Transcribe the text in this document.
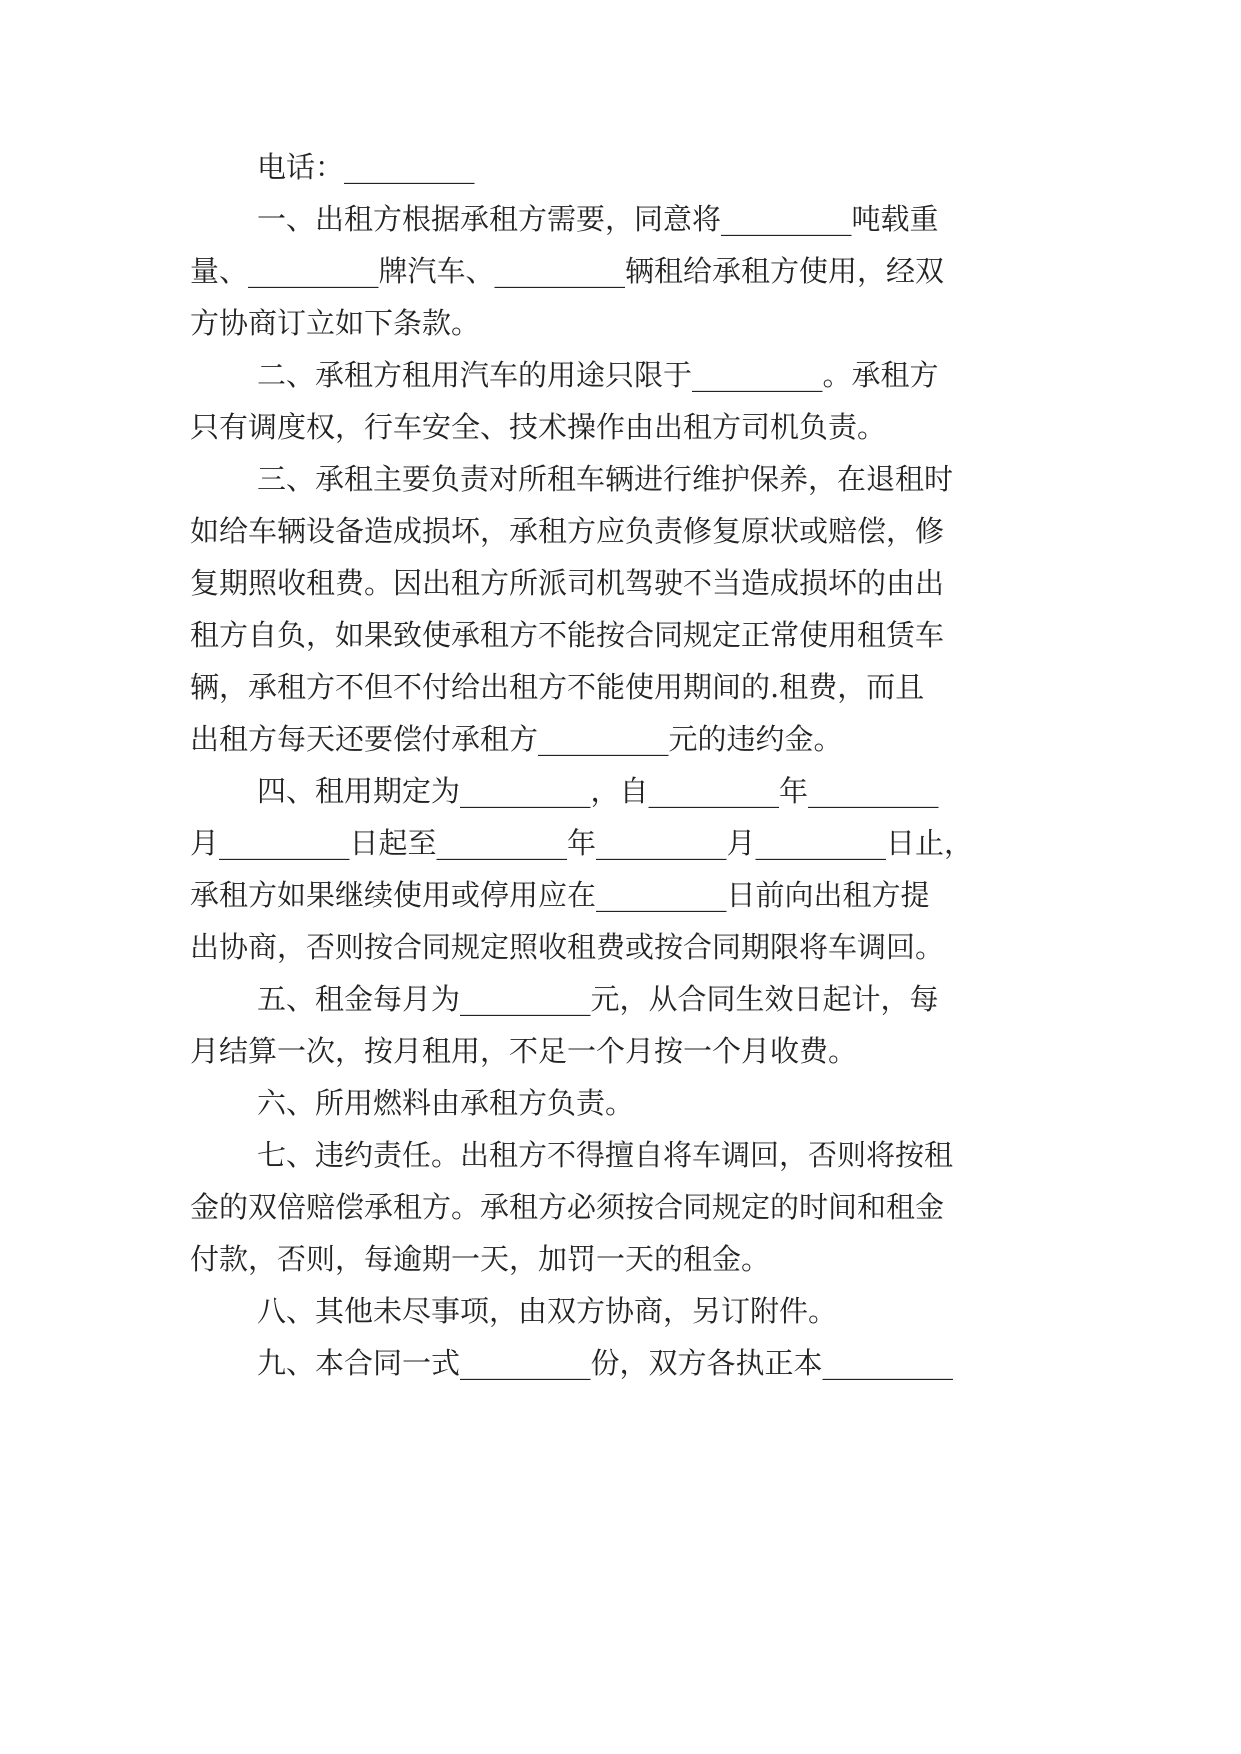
电话：_________

一、出租方根据承租方需要，同意将_________吨载重

量、_________牌汽车、_________辆租给承租方使用，经双

方协商订立如下条款。

二、承租方租用汽车的用途只限于_________。承租方

只有调度权，行车安全、技术操作由出租方司机负责。

三、承租主要负责对所租车辆进行维护保养，在退租时

如给车辆设备造成损坏，承租方应负责修复原状或赔偿，修

复期照收租费。因出租方所派司机驾驶不当造成损坏的由出

租方自负，如果致使承租方不能按合同规定正常使用租赁车

辆，承租方不但不付给出租方不能使用期间的.租费，而且

出租方每天还要偿付承租方_________元的违约金。

四、租用期定为_________，自_________年_________

月_________日起至_________年_________月_________日止，

承租方如果继续使用或停用应在_________日前向出租方提

出协商，否则按合同规定照收租费或按合同期限将车调回。

五、租金每月为_________元，从合同生效日起计，每

月结算一次，按月租用，不足一个月按一个月收费。

六、所用燃料由承租方负责。

七、违约责任。出租方不得擅自将车调回，否则将按租

金的双倍赔偿承租方。承租方必须按合同规定的时间和租金

付款，否则，每逾期一天，加罚一天的租金。

八、其他未尽事项，由双方协商，另订附件。

九、本合同一式_________份，双方各执正本_________
